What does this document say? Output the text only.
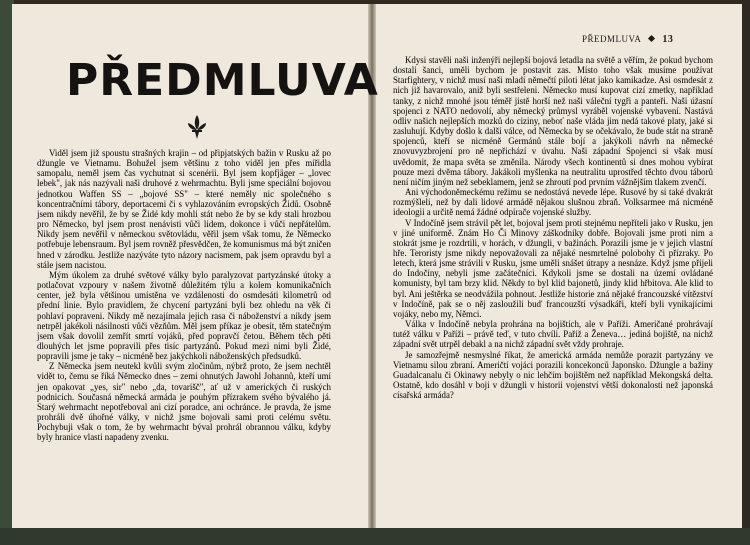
PŘEDMLUVA

Viděl jsem již spoustu strašných krajin – od připjatských bažin v Rusku až po džungle ve Vietnamu. Bohužel jsem většinu z toho viděl jen přes mířidla samopalu, neměl jsem čas vychutnat si scenérii. Byl jsem kopfjäger – „lovec lebek", jak nás nazývali naši druhové z wehrmachtu. Byli jsme speciální bojovou jednotkou Waffen SS – „bojové SS" – které neměly nic společného s koncentračními tábory, deportacemi či s vyhlazováním evropských Židů. Osobně jsem nikdy nevěřil, že by se Židé kdy mohli stát nebo že by se kdy stali hrozbou pro Německo, byl jsem prost nenávisti vůči lidem, dokonce i vůči nepřátelům. Nikdy jsem nevěřil v německou světovládu, věřil jsem však tomu, že Německo potřebuje lebensraum. Byl jsem rovněž přesvědčen, že komunismus má být zničen hned v zárodku. Jestliže nazýváte tyto názory nacismem, pak jsem opravdu byl a stále jsem nacistou.

Mým úkolem za druhé světové války bylo paralyzovat partyzánské útoky a potlačovat vzpoury v našem životně důležitém týlu a kolem komunikačních center, jež byla většinou umístěna ve vzdálenosti do osmdesáti kilometrů od přední linie. Bylo pravidlem, že chycení partyzáni byli bez ohledu na věk či pohlaví popraveni. Nikdy mě nezajímala jejich rasa či náboženství a nikdy jsem netrpěl jakékoli násilnosti vůči vězňům. Měl jsem příkaz je obesít, těm statečným jsem však dovolil zemřít smrtí vojáků, před popravčí četou. Během těch pěti dlouhých let jsme popravili přes tisíc partyzánů. Pokud mezi nimi byli Židé, popravili jsme je taky – nicméně bez jakýchkoli náboženských předsudků.

Z Německa jsem neutekl kvůli svým zločinům, nýbrž proto, že jsem nechtěl vidět to, čemu se říká Německo dnes – zemi ohnutých Jawohl Johannů, kteří umí jen opakovat „yes, sir" nebo „da, tovarišč", ať už v amerických či ruských podnicích. Současná německá armáda je pouhým přízrakem svého bývalého já. Starý wehrmacht nepotřeboval ani cizí poradce, ani ochránce. Je pravda, že jsme prohráli dvě úhořné války, v nichž jsme bojovali sami proti celému světu. Pochybuji však o tom, že by wehrmacht býval prohrál obrannou válku, kdyby byly hranice vlasti napadeny zvenku.

PŘEDMLUVA 13

Kdysi stavěli naši inženýři nejlepší bojová letadla na světě a věřím, že pokud bychom dostali šanci, uměli bychom je postavit zas. Místo toho však musíme používat Starfightery, v nichž musí naši mladí němečtí piloti létat jako kamikadze. Asi osmdesát z nich již havarovalo, aniž byli sestřeleni. Německo musí kupovat cizí zmetky, například tanky, z nichž mnohé jsou téměř jistě horší než naši váleční tygři a panteři. Naši úžasní spojenci z NATO nedovolí, aby německý průmysl vyráběl vojenské vybavení. Nastává odliv našich nejlepších mozků do ciziny, neboť naše vláda jim nedá takové platy, jaké si zasluhují. Kdyby došlo k další válce, od Německa by se očekávalo, že bude stát na straně spojenců, kteří se nicméně Germánů stále bojí a jakýkoli návrh na německé znovuvyzbrojení pro ně nepřichází v úvahu. Naši západní Spojenci si však musí uvědomit, že mapa světa se změnila. Národy všech kontinentů si dnes mohou vybírat pouze mezi dvěma tábory. Jakákoli myšlenka na neutralitu uprostřed těchto dvou táborů není ničím jiným než sebeklamem, jenž se zhroutí pod prvním vážnějším tlakem zvenčí.

Ani východoněmeckému režimu se nedostává nevede lépe. Rusové by si také dvakrát rozmýšleli, než by dali lidové armádě nějakou slušnou zbraň. Volksarmee má nicméně ideologii a určitě nemá žádné odpírače vojenské služby.

V Indočíně jsem strávil pět let, bojoval jsem proti stejnému nepříteli jako v Rusku, jen v jiné uniformě. Znám Ho Či Minovy záškodníky dobře. Bojovali jsme proti nim a stokrát jsme je rozdrtili, v horách, v džungli, v bažinách. Porazili jsme je v jejich vlastní hře. Teroristy jsme nikdy nepovažovali za nějaké nesmrtelné polobohy či přízraky. Po letech, která jsme strávili v Rusku, jsme uměli snášet útrapy a nesnáze. Když jsme přijeli do Indočíny, nebyli jsme začátečníci. Kdykoli jsme se dostali na území ovládané komunisty, byl tam brzy klid. Někdy to byl klid bajonetů, jindy klid hřbitova. Ale klid to byl. Ani ještěrka se neodvážila pohnout. Jestliže historie zná nějaké francouzské vítězství v Indočíně, pak se o něj zasloužili buď francouzští výsadkáři, kteří byli vynikajícími vojáky, nebo my, Němci.

Válka v Indočíně nebyla prohrána na bojištích, ale v Paříži. Američané prohrávají tutéž válku v Paříži – právě teď, v tuto chvíli. Paříž a Ženeva… jediná bojiště, na nichž západní svět utrpěl debakl a na nichž západní svět vždy prohraje.

Je samozřejmě nesmyslné říkat, že americká armáda nemůže porazit partyzány ve Vietnamu silou zbraní. Američtí vojáci porazili koncekonců Japonsko. Džungle a bažiny Guadalcanalu či Okinawy nebyly o nic lehčím bojištěm než například Mekongská delta. Ostatně, kdo dosáhl v boji v džungli v historii vojenství větší dokonalosti než japonská císařská armáda?
